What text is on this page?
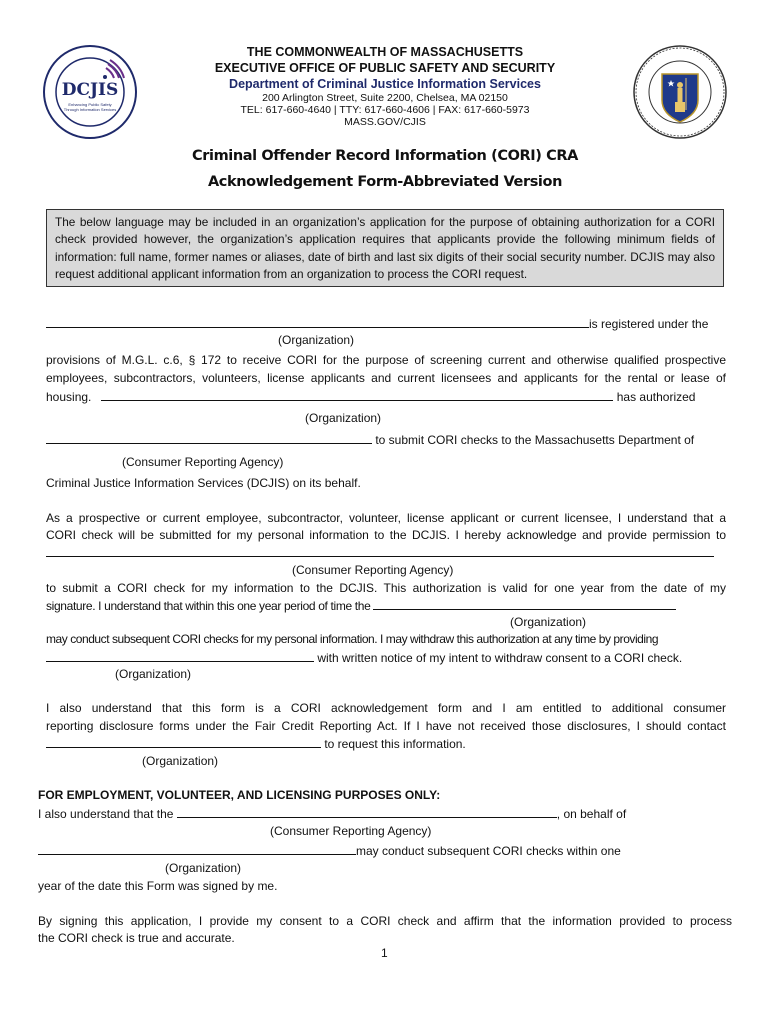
DCJIS
Enhancing Public Safety Through Information Services
THE COMMONWEALTH OF MASSACHUSETTS
EXECUTIVE OFFICE OF PUBLIC SAFETY AND SECURITY
Department of Criminal Justice Information Services
200 Arlington Street, Suite 2200, Chelsea, MA 02150
TEL: 617-660-4640 | TTY: 617-660-4606 | FAX: 617-660-5973
MASS.GOV/CJIS
Criminal Offender Record Information (CORI) CRA
Acknowledgement Form-Abbreviated Version
The below language may be included in an organization’s application for the purpose of obtaining authorization for a CORI check provided however, the organization’s application requires that applicants provide the following minimum fields of information: full name, former names or aliases, date of birth and last six digits of their social security number. DCJIS may also request additional applicant information from an organization to process the CORI request.
is registered under the
(Organization)
provisions of M.G.L. c.6, § 172 to receive CORI for the purpose of screening current and otherwise qualified prospective
employees, subcontractors, volunteers, license applicants and current licensees and applicants for the rental or lease of
housing.	has authorized
(Organization)
to submit CORI checks to the Massachusetts Department of
(Consumer Reporting Agency)
Criminal Justice Information Services (DCJIS) on its behalf.
As a prospective or current employee, subcontractor, volunteer, license applicant or current licensee, I understand that a
CORI check will be submitted for my personal information to the DCJIS. I hereby acknowledge and provide permission to
(Consumer Reporting Agency)
to submit a CORI check for my information to the DCJIS. This authorization is valid for one year from the date of my
signature. I understand that within this one year period of time the
(Organization)
may conduct subsequent CORI checks for my personal information. I may withdraw this authorization at any time by providing
with written notice of my intent to withdraw consent to a CORI check.
(Organization)
I also understand that this form is a CORI acknowledgement form and I am entitled to additional consumer
reporting disclosure forms under the Fair Credit Reporting Act. If I have not received those disclosures, I should contact
to request this information.
(Organization)
FOR EMPLOYMENT, VOLUNTEER, AND LICENSING PURPOSES ONLY:
I also understand that the	, on behalf of
(Consumer Reporting Agency)
may conduct subsequent CORI checks within one
(Organization)
year of the date this Form was signed by me.
By signing this application, I provide my consent to a CORI check and affirm that the information provided to process
the CORI check is true and accurate.
1
